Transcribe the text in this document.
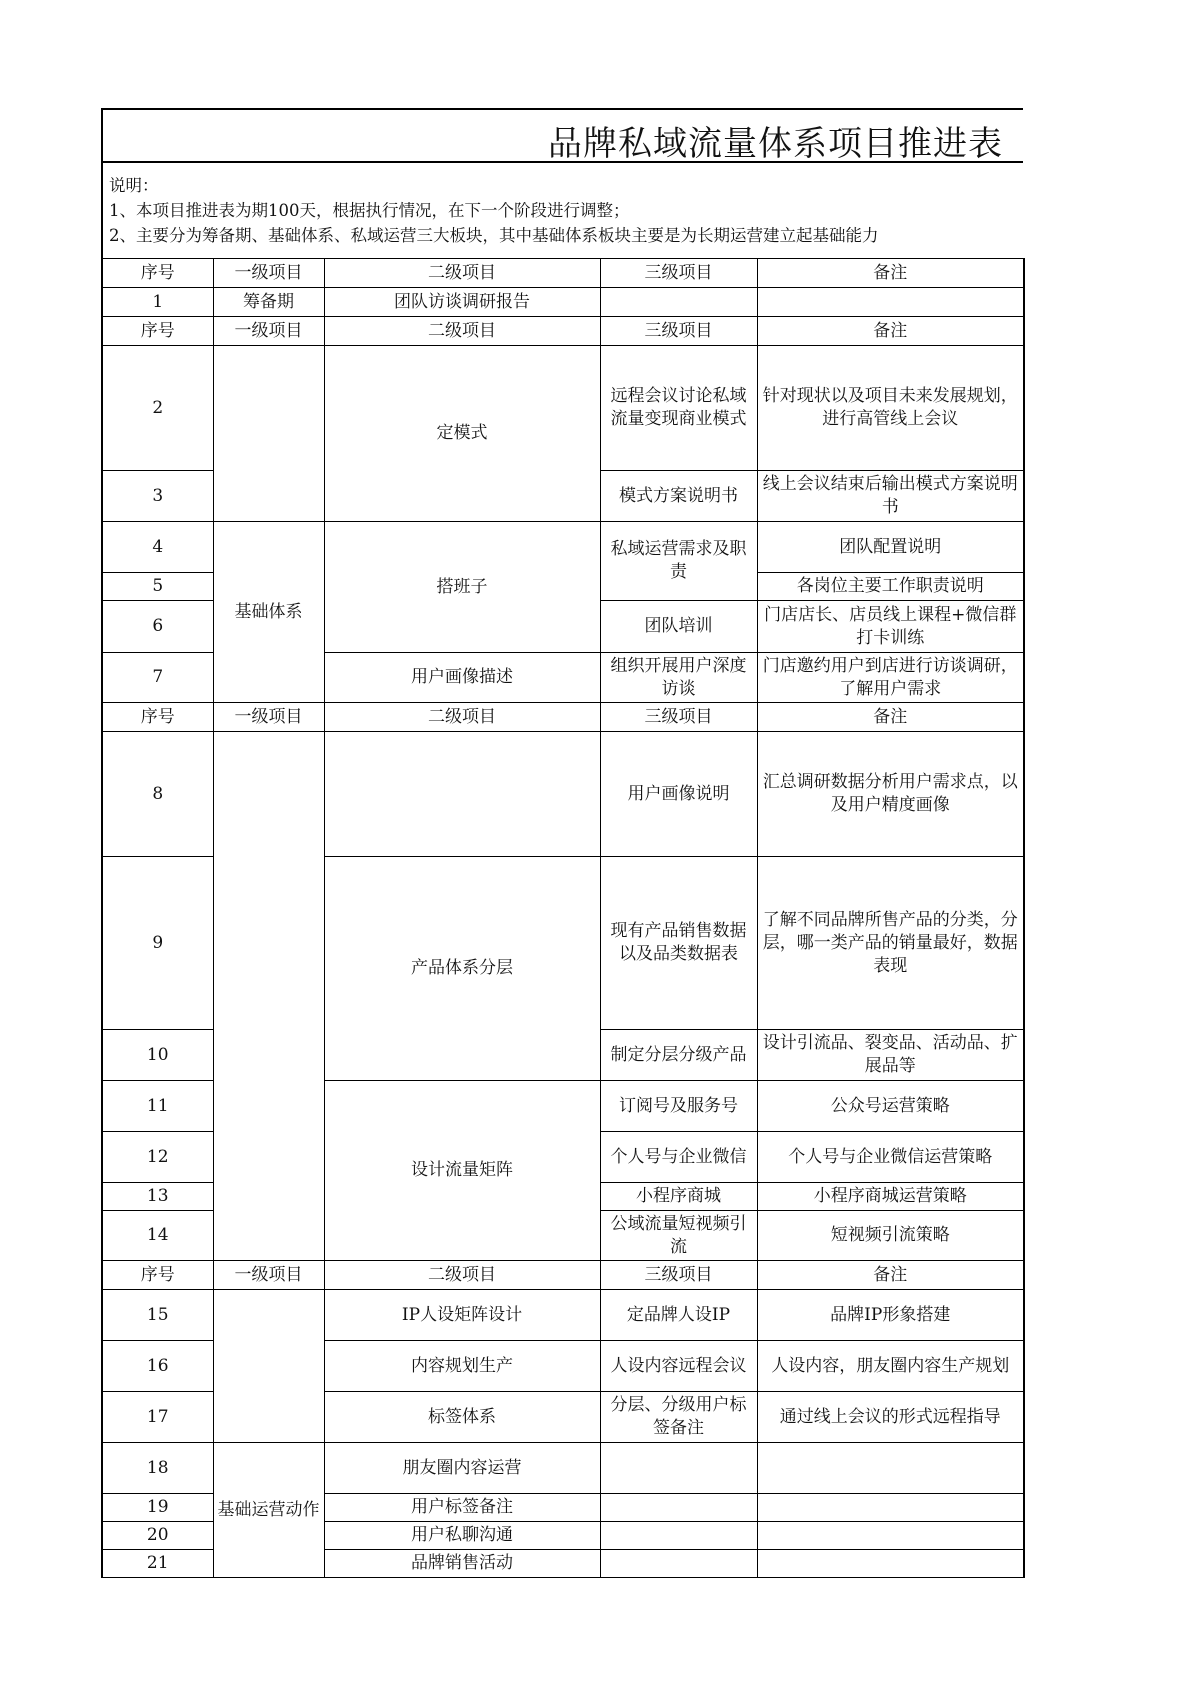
品牌私域流量体系项目推进表
说明：
1、本项目推进表为期100天，根据执行情况，在下一个阶段进行调整；
2、主要分为筹备期、基础体系、私域运营三大板块，其中基础体系板块主要是为长期运营建立起基础能力
序号	一级项目	二级项目	三级项目	备注
1	筹备期	团队访谈调研报告		
序号	一级项目	二级项目	三级项目	备注
2		定模式	远程会议讨论私域流量变现商业模式	针对现状以及项目未来发展规划，进行高管线上会议
3			模式方案说明书	线上会议结束后输出模式方案说明书
4	基础体系	搭班子	私域运营需求及职责	团队配置说明
5				各岗位主要工作职责说明
6			团队培训	门店店长、店员线上课程+微信群打卡训练
7		用户画像描述	组织开展用户深度访谈	门店邀约用户到店进行访谈调研，了解用户需求
序号	一级项目	二级项目	三级项目	备注
8			用户画像说明	汇总调研数据分析用户需求点，以及用户精度画像
9		产品体系分层	现有产品销售数据以及品类数据表	了解不同品牌所售产品的分类，分层，哪一类产品的销量最好，数据表现
10			制定分层分级产品	设计引流品、裂变品、活动品、扩展品等
11		设计流量矩阵	订阅号及服务号	公众号运营策略
12			个人号与企业微信	个人号与企业微信运营策略
13			小程序商城	小程序商城运营策略
14			公域流量短视频引流	短视频引流策略
序号	一级项目	二级项目	三级项目	备注
15		IP人设矩阵设计	定品牌人设IP	品牌IP形象搭建
16		内容规划生产	人设内容远程会议	人设内容，朋友圈内容生产规划
17		标签体系	分层、分级用户标签备注	通过线上会议的形式远程指导
18	基础运营动作	朋友圈内容运营		
19		用户标签备注		
20		用户私聊沟通		
21		品牌销售活动		
